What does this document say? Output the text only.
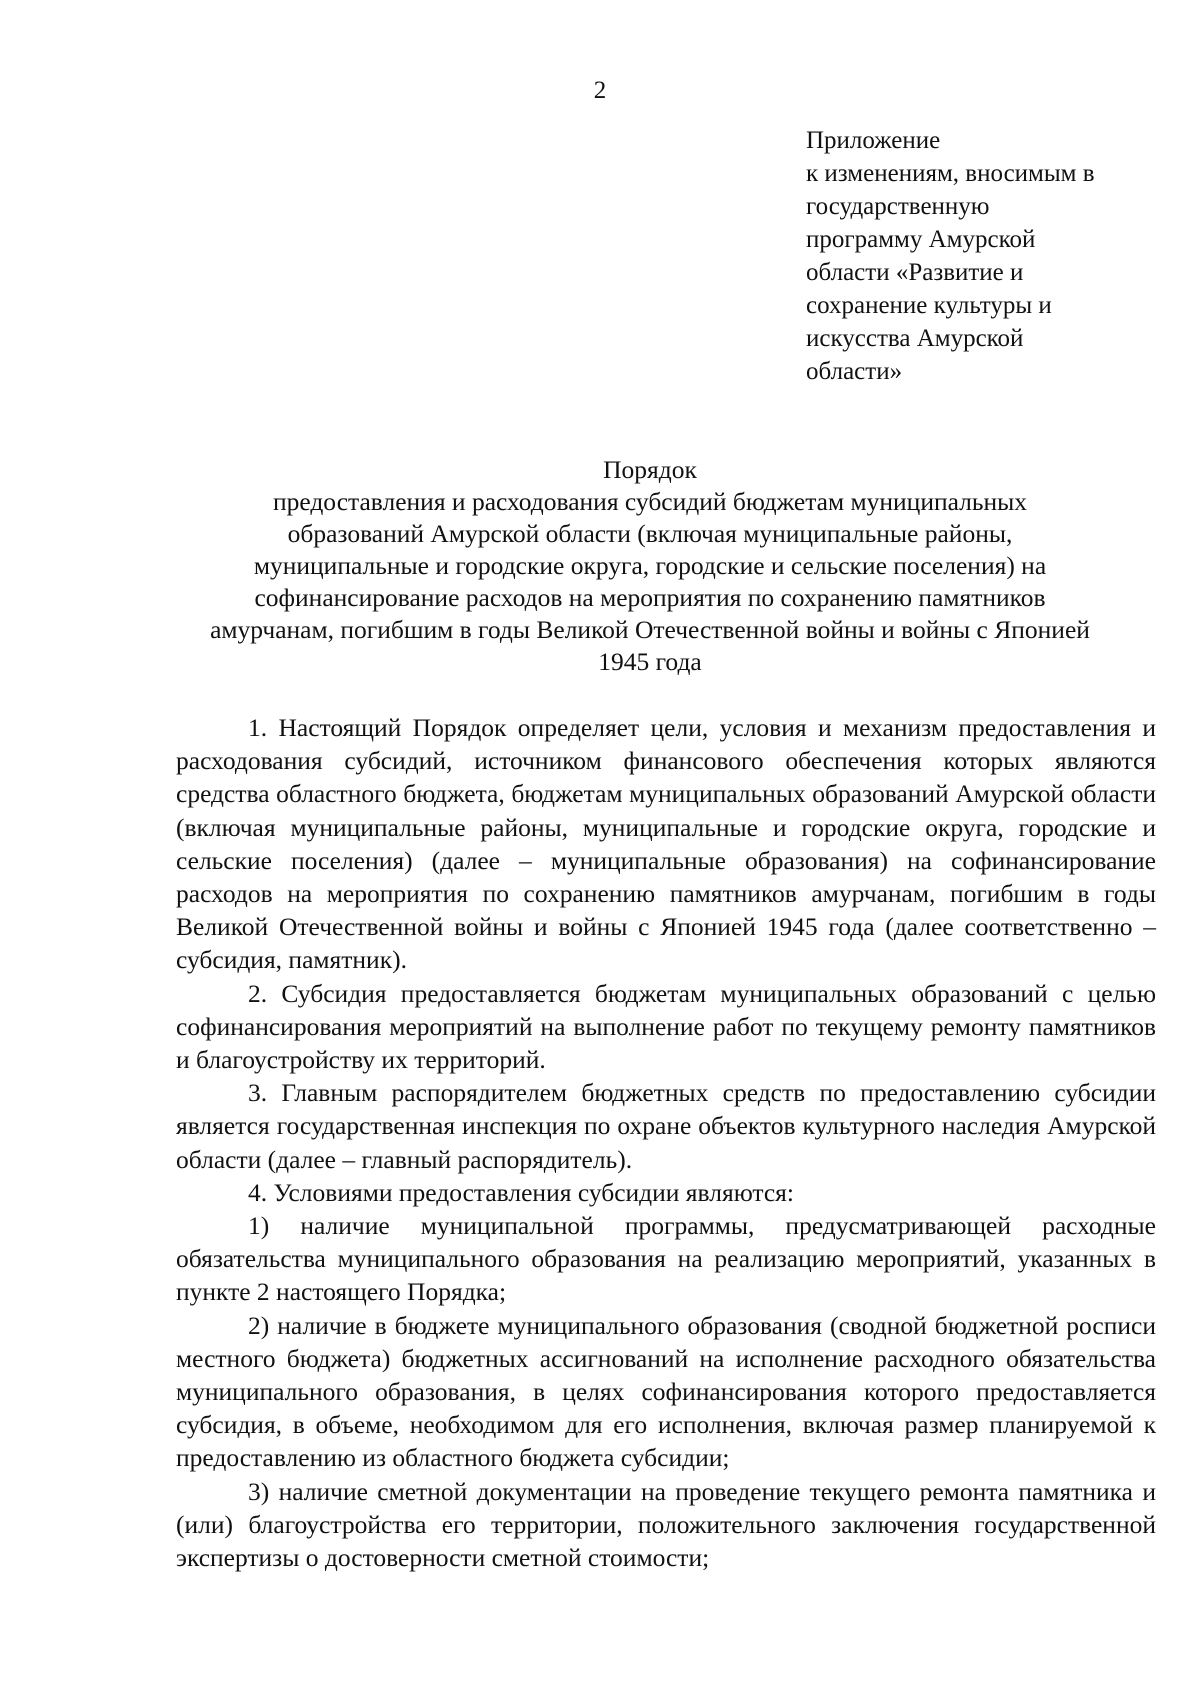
2
Приложение
к изменениям, вносимым в
государственную
программу Амурской
области «Развитие и
сохранение культуры и
искусства Амурской
области»
Порядок
предоставления и расходования субсидий бюджетам муниципальных
образований Амурской области (включая муниципальные районы,
муниципальные и городские округа, городские и сельские поселения) на
софинансирование расходов на мероприятия по сохранению памятников
амурчанам, погибшим в годы Великой Отечественной войны и войны с Японией
1945 года

1. Настоящий Порядок определяет цели, условия и механизм предоставления и расходования субсидий, источником финансового обеспечения которых являются средства областного бюджета, бюджетам муниципальных образований Амурской области (включая муниципальные районы, муниципальные и городские округа, городские и сельские поселения) (далее – муниципальные образования) на софинансирование расходов на мероприятия по сохранению памятников амурчанам, погибшим в годы Великой Отечественной войны и войны с Японией 1945 года (далее соответственно – субсидия, памятник).

2. Субсидия предоставляется бюджетам муниципальных образований с целью софинансирования мероприятий на выполнение работ по текущему ремонту памятников и благоустройству их территорий.

3. Главным распорядителем бюджетных средств по предоставлению субсидии является государственная инспекция по охране объектов культурного наследия Амурской области (далее – главный распорядитель).

4. Условиями предоставления субсидии являются:

1) наличие муниципальной программы, предусматривающей расходные обязательства муниципального образования на реализацию мероприятий, указанных в пункте 2 настоящего Порядка;

2) наличие в бюджете муниципального образования (сводной бюджетной росписи местного бюджета) бюджетных ассигнований на исполнение расходного обязательства муниципального образования, в целях софинансирования которого предоставляется субсидия, в объеме, необходимом для его исполнения, включая размер планируемой к предоставлению из областного бюджета субсидии;

3) наличие сметной документации на проведение текущего ремонта памятника и (или) благоустройства его территории, положительного заключения государственной экспертизы о достоверности сметной стоимости;
